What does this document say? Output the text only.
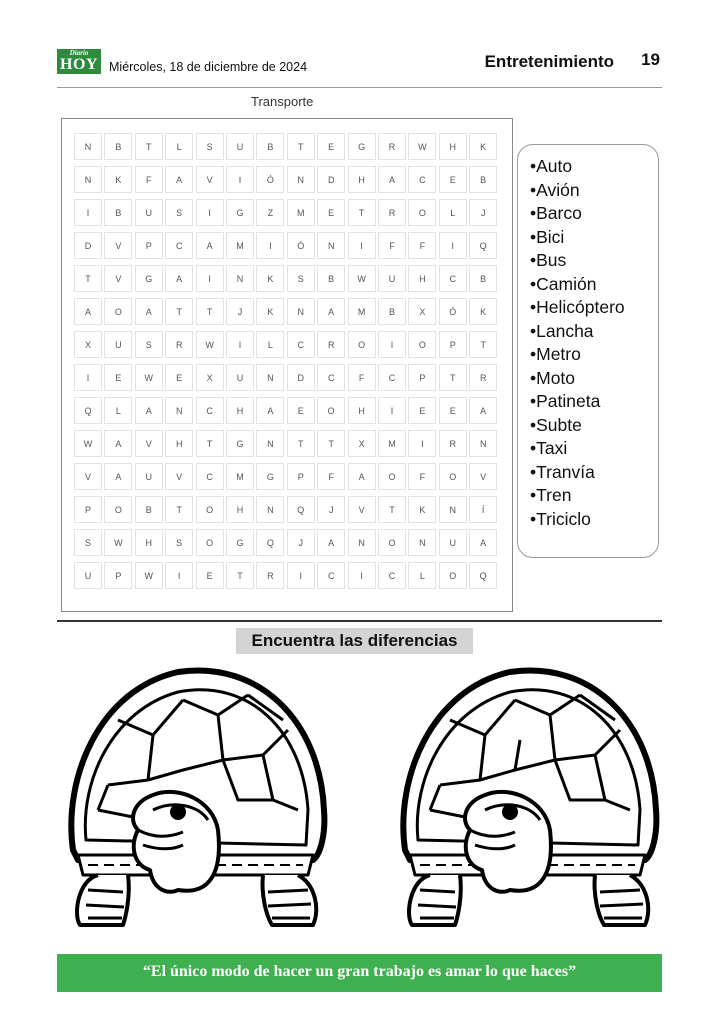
Diario
HOY Miércoles, 18 de diciembre de 2024	Entretenimiento 19
Transporte
N	B	T	L	S	U	B	T	E	G	R	W	H	K
N	K	F	A	V	I	Ó	N	D	H	A	C	E	B
I	B	U	S	I	G	Z	M	E	T	R	O	L	J
D	V	P	C	A	M	I	Ó	N	I	F	F	I	Q
T	V	G	A	I	N	K	S	B	W	U	H	C	B
A	O	A	T	T	J	K	N	A	M	B	X	Ó	K
X	U	S	R	W	I	L	C	R	O	I	O	P	T
I	E	W	E	X	U	N	D	C	F	C	P	T	R
Q	L	A	N	C	H	A	E	O	H	I	E	E	A
W	A	V	H	T	G	N	T	T	X	M	I	R	N
V	A	U	V	C	M	G	P	F	A	O	F	O	V
P	O	B	T	O	H	N	Q	J	V	T	K	N	Í
S	W	H	S	O	G	Q	J	A	N	O	N	U	A
U	P	W	I	E	T	R	I	C	I	C	L	O	Q
•Auto
•Avión
•Barco
•Bici
•Bus
•Camión
•Helicóptero
•Lancha
•Metro
•Moto
•Patineta
•Subte
•Taxi
•Tranvía
•Tren
•Triciclo
Encuentra las diferencias
“El único modo de hacer un gran trabajo es amar lo que haces”
